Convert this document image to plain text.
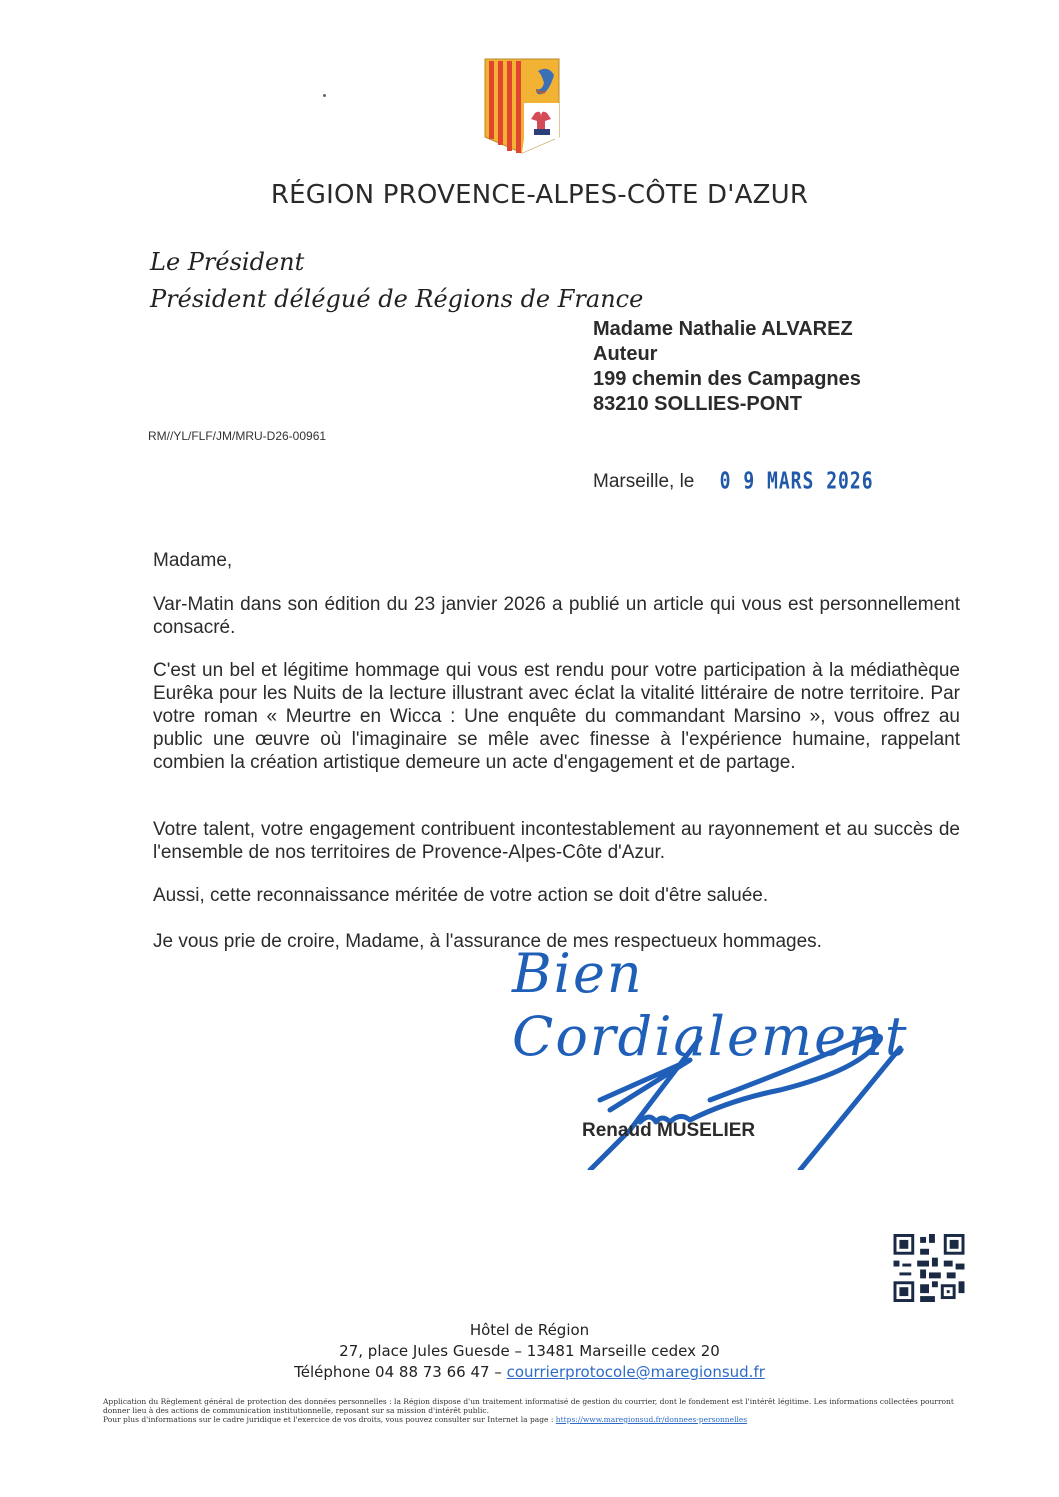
RÉGION PROVENCE-ALPES-CÔTE D'AZUR
Le Président
Président délégué de Régions de France
Madame Nathalie ALVAREZ
Auteur
199 chemin des Campagnes
83210 SOLLIES-PONT
RM//YL/FLF/JM/MRU-D26-00961
Marseille, le 0 9 MARS 2026
Madame,
Var-Matin dans son édition du 23 janvier 2026 a publié un article qui vous est personnellement consacré.
C'est un bel et légitime hommage qui vous est rendu pour votre participation à la médiathèque Eurêka pour les Nuits de la lecture illustrant avec éclat la vitalité littéraire de notre territoire. Par votre roman « Meurtre en Wicca : Une enquête du commandant Marsino », vous offrez au public une œuvre où l'imaginaire se mêle avec finesse à l'expérience humaine, rappelant combien la création artistique demeure un acte d'engagement et de partage.
Votre talent, votre engagement contribuent incontestablement au rayonnement et au succès de l'ensemble de nos territoires de Provence-Alpes-Côte d'Azur.
Aussi, cette reconnaissance méritée de votre action se doit d'être saluée.
Je vous prie de croire, Madame, à l'assurance de mes respectueux hommages.
Bien Cordialement
Renaud MUSELIER
Hôtel de Région
27, place Jules Guesde – 13481 Marseille cedex 20
Téléphone 04 88 73 66 47 – courrierprotocole@maregionsud.fr
Application du Règlement général de protection des données personnelles : la Région dispose d'un traitement informatisé de gestion du courrier, dont le fondement est l'intérêt légitime. Les informations collectées pourront donner lieu à des actions de communication institutionnelle, reposant sur sa mission d'intérêt public.
Pour plus d'informations sur le cadre juridique et l'exercice de vos droits, vous pouvez consulter sur Internet la page : https://www.maregionsud.fr/donnees-personnelles
